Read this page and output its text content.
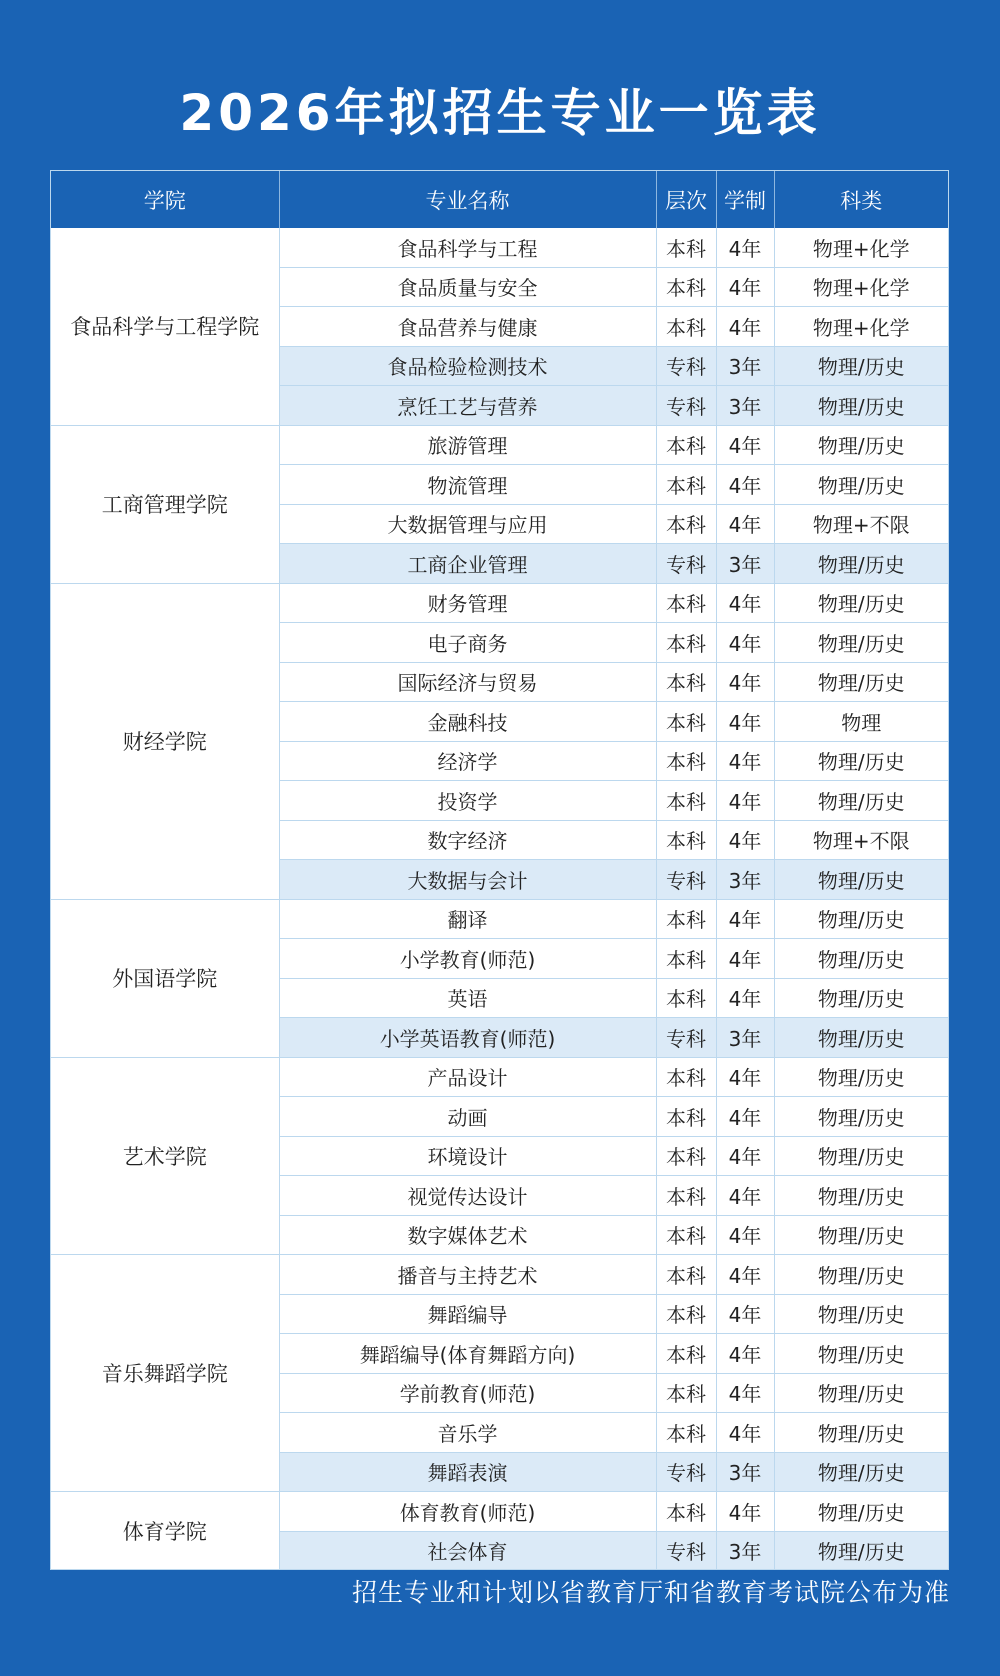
2026年拟招生专业一览表
学院	专业名称	层次	学制	科类
食品科学与工程学院	食品科学与工程	本科	4年	物理+化学
	食品质量与安全	本科	4年	物理+化学
	食品营养与健康	本科	4年	物理+化学
	食品检验检测技术	专科	3年	物理/历史
	烹饪工艺与营养	专科	3年	物理/历史
工商管理学院	旅游管理	本科	4年	物理/历史
	物流管理	本科	4年	物理/历史
	大数据管理与应用	本科	4年	物理+不限
	工商企业管理	专科	3年	物理/历史
财经学院	财务管理	本科	4年	物理/历史
	电子商务	本科	4年	物理/历史
	国际经济与贸易	本科	4年	物理/历史
	金融科技	本科	4年	物理
	经济学	本科	4年	物理/历史
	投资学	本科	4年	物理/历史
	数字经济	本科	4年	物理+不限
	大数据与会计	专科	3年	物理/历史
外国语学院	翻译	本科	4年	物理/历史
	小学教育(师范)	本科	4年	物理/历史
	英语	本科	4年	物理/历史
	小学英语教育(师范)	专科	3年	物理/历史
艺术学院	产品设计	本科	4年	物理/历史
	动画	本科	4年	物理/历史
	环境设计	本科	4年	物理/历史
	视觉传达设计	本科	4年	物理/历史
	数字媒体艺术	本科	4年	物理/历史
音乐舞蹈学院	播音与主持艺术	本科	4年	物理/历史
	舞蹈编导	本科	4年	物理/历史
	舞蹈编导(体育舞蹈方向)	本科	4年	物理/历史
	学前教育(师范)	本科	4年	物理/历史
	音乐学	本科	4年	物理/历史
	舞蹈表演	专科	3年	物理/历史
体育学院	体育教育(师范)	本科	4年	物理/历史
	社会体育	专科	3年	物理/历史
招生专业和计划以省教育厅和省教育考试院公布为准
